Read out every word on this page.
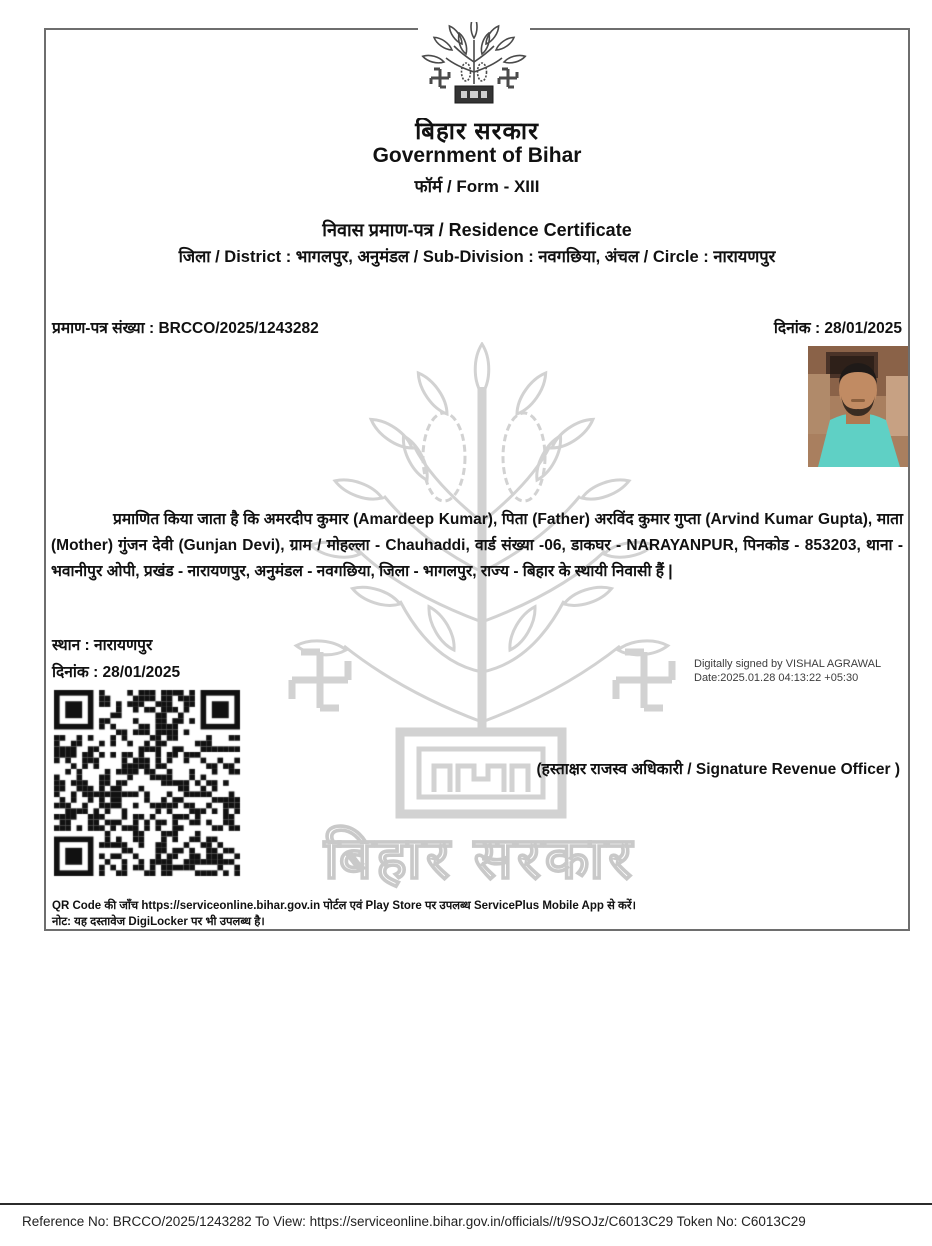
बिहार सरकार
Government of Bihar
फॉर्म / Form - XIII
निवास प्रमाण-पत्र / Residence Certificate
जिला / District : भागलपुर, अनुमंडल / Sub-Division : नवगछिया, अंचल / Circle : नारायणपुर
प्रमाण-पत्र संख्या : BRCCO/2025/1243282	दिनांक : 28/01/2025
बिहार सरकार
प्रमाणित किया जाता है कि अमरदीप कुमार (Amardeep Kumar), पिता (Father) अरविंद कुमार गुप्ता (Arvind Kumar Gupta), माता (Mother) गुंजन देवी (Gunjan Devi), ग्राम / मोहल्ला - Chauhaddi, वार्ड संख्या -06, डाकघर - NARAYANPUR, पिनकोड - 853203, थाना - भवानीपुर ओपी, प्रखंड - नारायणपुर, अनुमंडल - नवगछिया, जिला - भागलपुर, राज्य - बिहार के स्थायी निवासी हैं |
स्थान : नारायणपुर
दिनांक : 28/01/2025	Digitally signed by VISHAL AGRAWAL
Date:2025.01.28 04:13:22 +05:30
(हस्ताक्षर राजस्व अधिकारी / Signature Revenue Officer )
QR Code की जाँच https://serviceonline.bihar.gov.in पोर्टल एवं Play Store पर उपलब्ध ServicePlus Mobile App से करें।
नोट: यह दस्तावेज DigiLocker पर भी उपलब्ध है।
Reference No: BRCCO/2025/1243282 To View: https://serviceonline.bihar.gov.in/officials//t/9SOJz/C6013C29 Token No: C6013C29
